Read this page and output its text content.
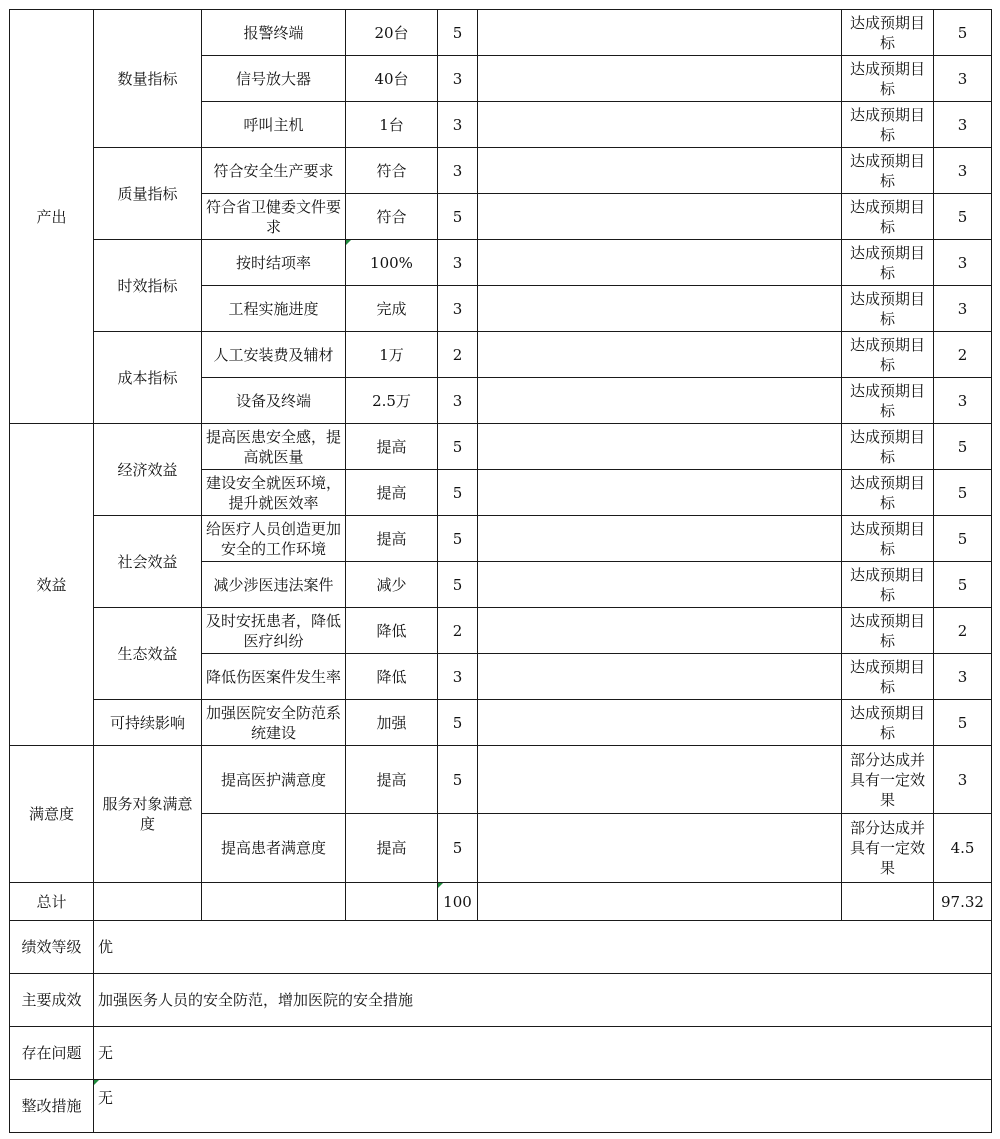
产出	数量指标	报警终端	20台	5		达成预期目标	5
		信号放大器	40台	3		达成预期目标	3
		呼叫主机	1台	3		达成预期目标	3
	质量指标	符合安全生产要求	符合	3		达成预期目标	3
		符合省卫健委文件要求	符合	5		达成预期目标	5
	时效指标	按时结项率	100%	3		达成预期目标	3
		工程实施进度	完成	3		达成预期目标	3
	成本指标	人工安装费及辅材	1万	2		达成预期目标	2
		设备及终端	2.5万	3		达成预期目标	3
效益	经济效益	提高医患安全感，提高就医量	提高	5		达成预期目标	5
		建设安全就医环境，提升就医效率	提高	5		达成预期目标	5
	社会效益	给医疗人员创造更加安全的工作环境	提高	5		达成预期目标	5
		减少涉医违法案件	减少	5		达成预期目标	5
	生态效益	及时安抚患者，降低医疗纠纷	降低	2		达成预期目标	2
		降低伤医案件发生率	降低	3		达成预期目标	3
	可持续影响	加强医院安全防范系统建设	加强	5		达成预期目标	5
满意度	服务对象满意度	提高医护满意度	提高	5		部分达成并具有一定效果	3
		提高患者满意度	提高	5		部分达成并具有一定效果	4.5
总计				100			97.32
绩效等级	优						
主要成效	加强医务人员的安全防范，增加医院的安全措施						
存在问题	无						
整改措施	无						
